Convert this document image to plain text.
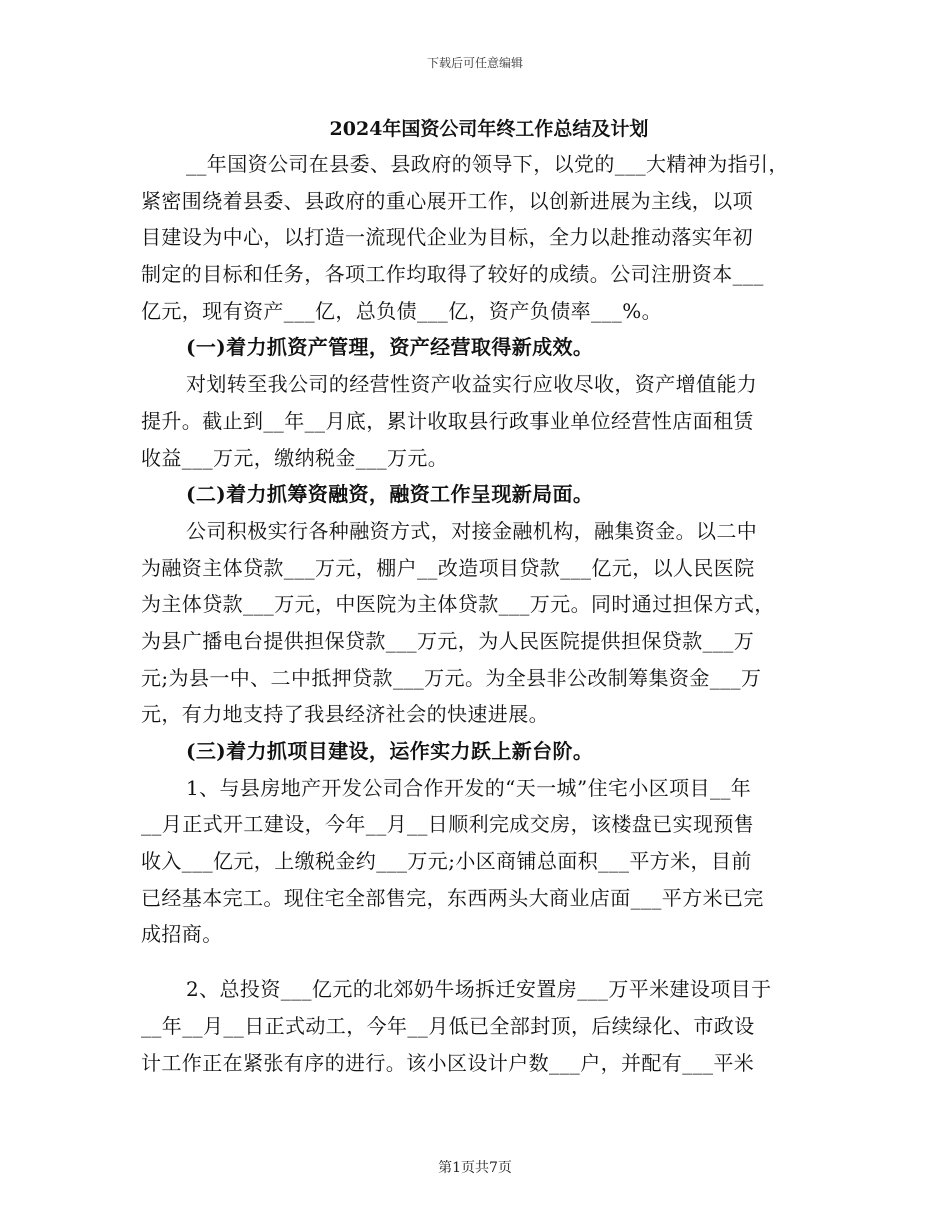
下载后可任意编辑
2024年国资公司年终工作总结及计划
__年国资公司在县委、县政府的领导下，以党的___大精神为指引，
紧密围绕着县委、县政府的重心展开工作，以创新进展为主线，以项
目建设为中心，以打造一流现代企业为目标，全力以赴推动落实年初
制定的目标和任务，各项工作均取得了较好的成绩。公司注册资本___
亿元，现有资产___亿，总负债___亿，资产负债率___%。
(一)着力抓资产管理，资产经营取得新成效。
对划转至我公司的经营性资产收益实行应收尽收，资产增值能力
提升。截止到__年__月底，累计收取县行政事业单位经营性店面租赁
收益___万元，缴纳税金___万元。
(二)着力抓筹资融资，融资工作呈现新局面。
公司积极实行各种融资方式，对接金融机构，融集资金。以二中
为融资主体贷款___万元，棚户__改造项目贷款___亿元，以人民医院
为主体贷款___万元，中医院为主体贷款___万元。同时通过担保方式，
为县广播电台提供担保贷款___万元，为人民医院提供担保贷款___万
元;为县一中、二中抵押贷款___万元。为全县非公改制筹集资金___万
元，有力地支持了我县经济社会的快速进展。
(三)着力抓项目建设，运作实力跃上新台阶。
1、与县房地产开发公司合作开发的“天一城”住宅小区项目__年
__月正式开工建设，今年__月__日顺利完成交房，该楼盘已实现预售
收入___亿元，上缴税金约___万元;小区商铺总面积___平方米，目前
已经基本完工。现住宅全部售完，东西两头大商业店面___平方米已完
成招商。
2、总投资___亿元的北郊奶牛场拆迁安置房___万平米建设项目于
__年__月__日正式动工，今年__月低已全部封顶，后续绿化、市政设
计工作正在紧张有序的进行。该小区设计户数___户，并配有___平米
第1页共7页
